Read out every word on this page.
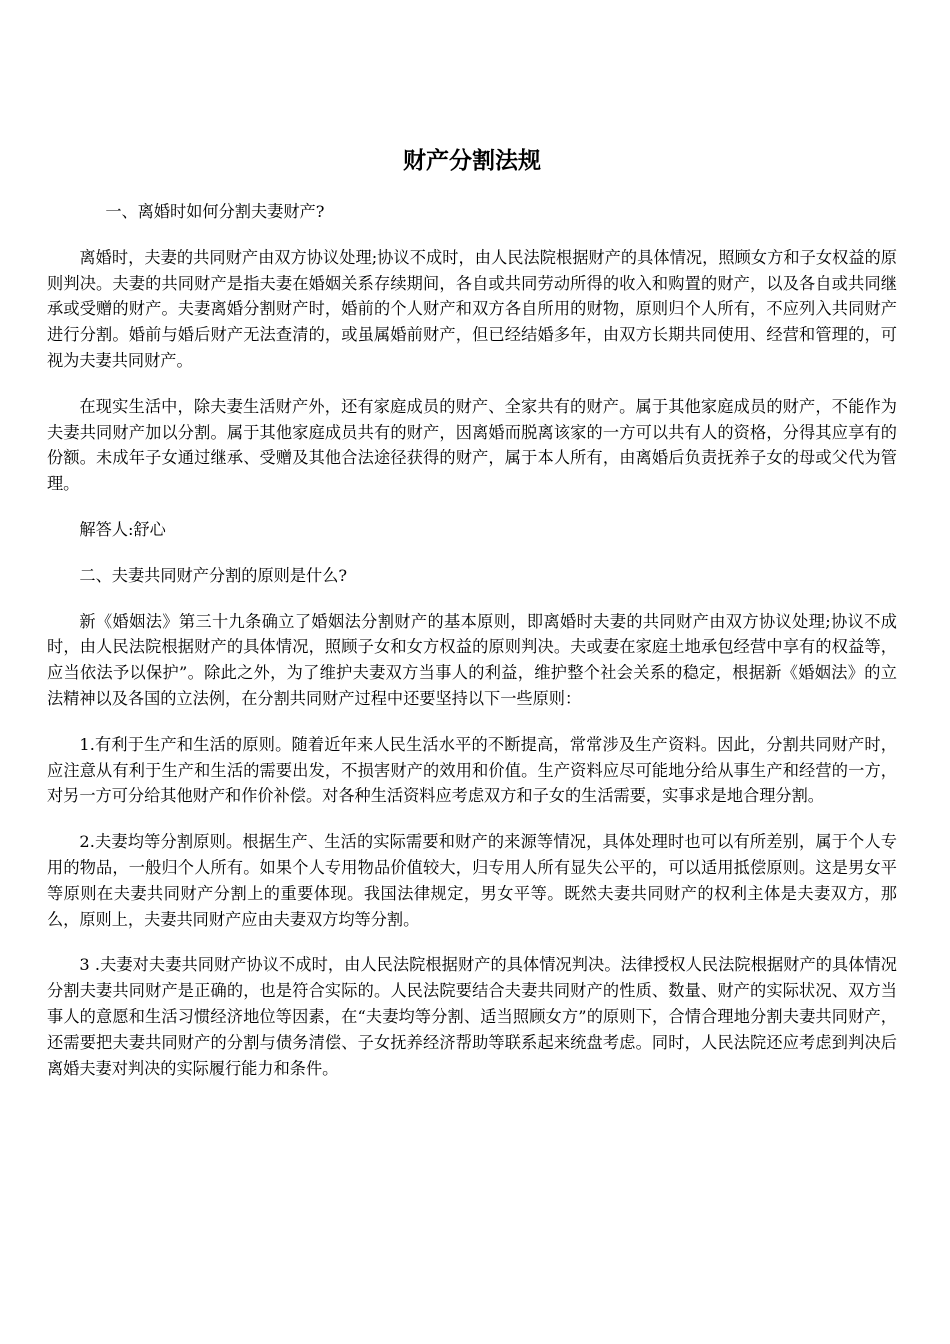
财产分割法规

一、离婚时如何分割夫妻财产?

离婚时，夫妻的共同财产由双方协议处理;协议不成时，由人民法院根据财产的具体情况，照顾女方和子女权益的原则判决。夫妻的共同财产是指夫妻在婚姻关系存续期间，各自或共同劳动所得的收入和购置的财产，以及各自或共同继承或受赠的财产。夫妻离婚分割财产时，婚前的个人财产和双方各自所用的财物，原则归个人所有，不应列入共同财产进行分割。婚前与婚后财产无法查清的，或虽属婚前财产，但已经结婚多年，由双方长期共同使用、经营和管理的，可视为夫妻共同财产。

在现实生活中，除夫妻生活财产外，还有家庭成员的财产、全家共有的财产。属于其他家庭成员的财产，不能作为夫妻共同财产加以分割。属于其他家庭成员共有的财产，因离婚而脱离该家的一方可以共有人的资格，分得其应享有的份额。未成年子女通过继承、受赠及其他合法途径获得的财产，属于本人所有，由离婚后负责抚养子女的母或父代为管理。

解答人:舒心

二、夫妻共同财产分割的原则是什么?

新《婚姻法》第三十九条确立了婚姻法分割财产的基本原则，即离婚时夫妻的共同财产由双方协议处理;协议不成时，由人民法院根据财产的具体情况，照顾子女和女方权益的原则判决。夫或妻在家庭土地承包经营中享有的权益等，应当依法予以保护”。除此之外，为了维护夫妻双方当事人的利益，维护整个社会关系的稳定，根据新《婚姻法》的立法精神以及各国的立法例，在分割共同财产过程中还要坚持以下一些原则：

1.有利于生产和生活的原则。随着近年来人民生活水平的不断提高，常常涉及生产资料。因此，分割共同财产时，应注意从有利于生产和生活的需要出发，不损害财产的效用和价值。生产资料应尽可能地分给从事生产和经营的一方，对另一方可分给其他财产和作价补偿。对各种生活资料应考虑双方和子女的生活需要，实事求是地合理分割。

2.夫妻均等分割原则。根据生产、生活的实际需要和财产的来源等情况，具体处理时也可以有所差别，属于个人专用的物品，一般归个人所有。如果个人专用物品价值较大，归专用人所有显失公平的，可以适用抵偿原则。这是男女平等原则在夫妻共同财产分割上的重要体现。我国法律规定，男女平等。既然夫妻共同财产的权利主体是夫妻双方，那么，原则上，夫妻共同财产应由夫妻双方均等分割。

3 .夫妻对夫妻共同财产协议不成时，由人民法院根据财产的具体情况判决。法律授权人民法院根据财产的具体情况分割夫妻共同财产是正确的，也是符合实际的。人民法院要结合夫妻共同财产的性质、数量、财产的实际状况、双方当事人的意愿和生活习惯经济地位等因素，在“夫妻均等分割、适当照顾女方”的原则下，合情合理地分割夫妻共同财产，还需要把夫妻共同财产的分割与债务清偿、子女抚养经济帮助等联系起来统盘考虑。同时，人民法院还应考虑到判决后离婚夫妻对判决的实际履行能力和条件。
